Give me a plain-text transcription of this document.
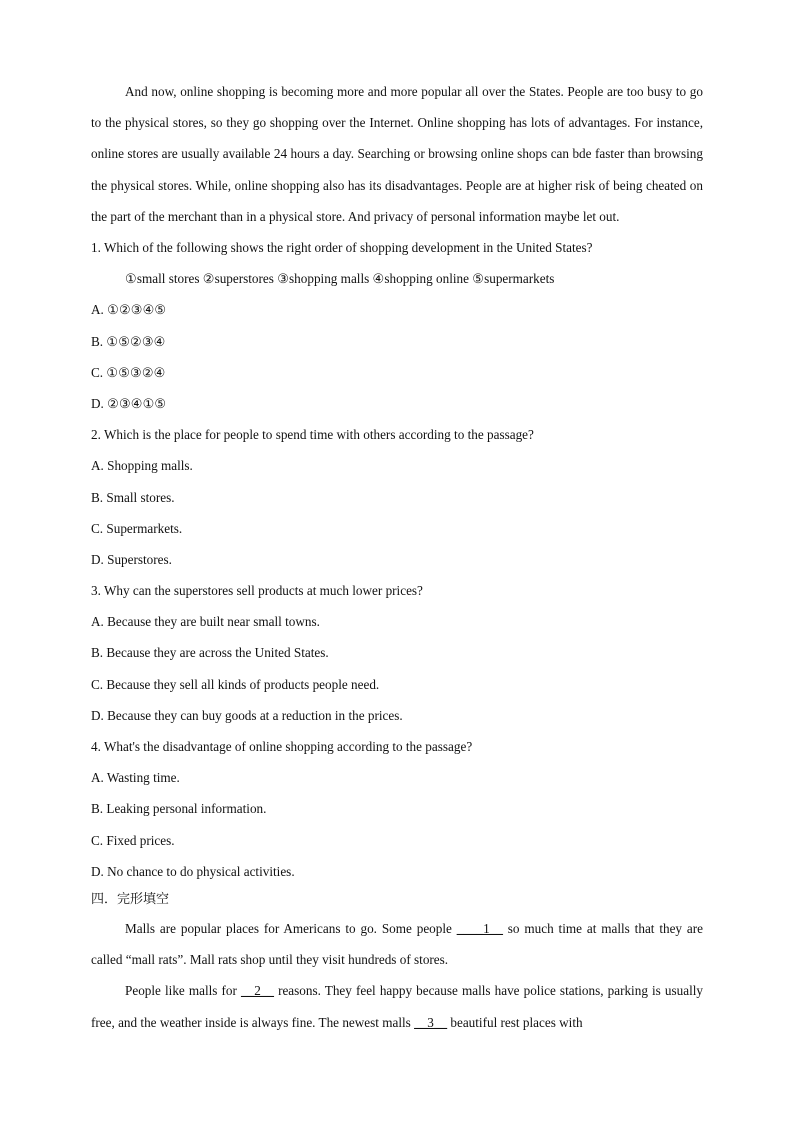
And now, online shopping is becoming more and more popular all over the States. People are too busy to go to the physical stores, so they go shopping over the Internet. Online shopping has lots of advantages. For instance, online stores are usually available 24 hours a day. Searching or browsing online shops can bde faster than browsing the physical stores. While, online shopping also has its disadvantages. People are at higher risk of being cheated on the part of the merchant than in a physical store. And privacy of personal information maybe let out.

1. Which of the following shows the right order of shopping development in the United States?

①small stores ②superstores ③shopping malls ④shopping online ⑤supermarkets

A. ①②③④⑤

B. ①⑤②③④

C. ①⑤③②④

D. ②③④①⑤

2. Which is the place for people to spend time with others according to the passage?

A. Shopping malls.

B. Small stores.

C. Supermarkets.

D. Superstores.

3. Why can the superstores sell products at much lower prices?

A. Because they are built near small towns.

B. Because they are across the United States.

C. Because they sell all kinds of products people need.

D. Because they can buy goods at a reduction in the prices.

4. What's the disadvantage of online shopping according to the passage?

A. Wasting time.

B. Leaking personal information.

C. Fixed prices.

D. No chance to do physical activities.

四．完形填空

Malls are popular places for Americans to go. Some people ____1__ so much time at malls that they are called “mall rats”. Mall rats shop until they visit hundreds of stores.

People like malls for __2__ reasons. They feel happy because malls have police stations, parking is usually free, and the weather inside is always fine. The newest malls __3__ beautiful rest places with
